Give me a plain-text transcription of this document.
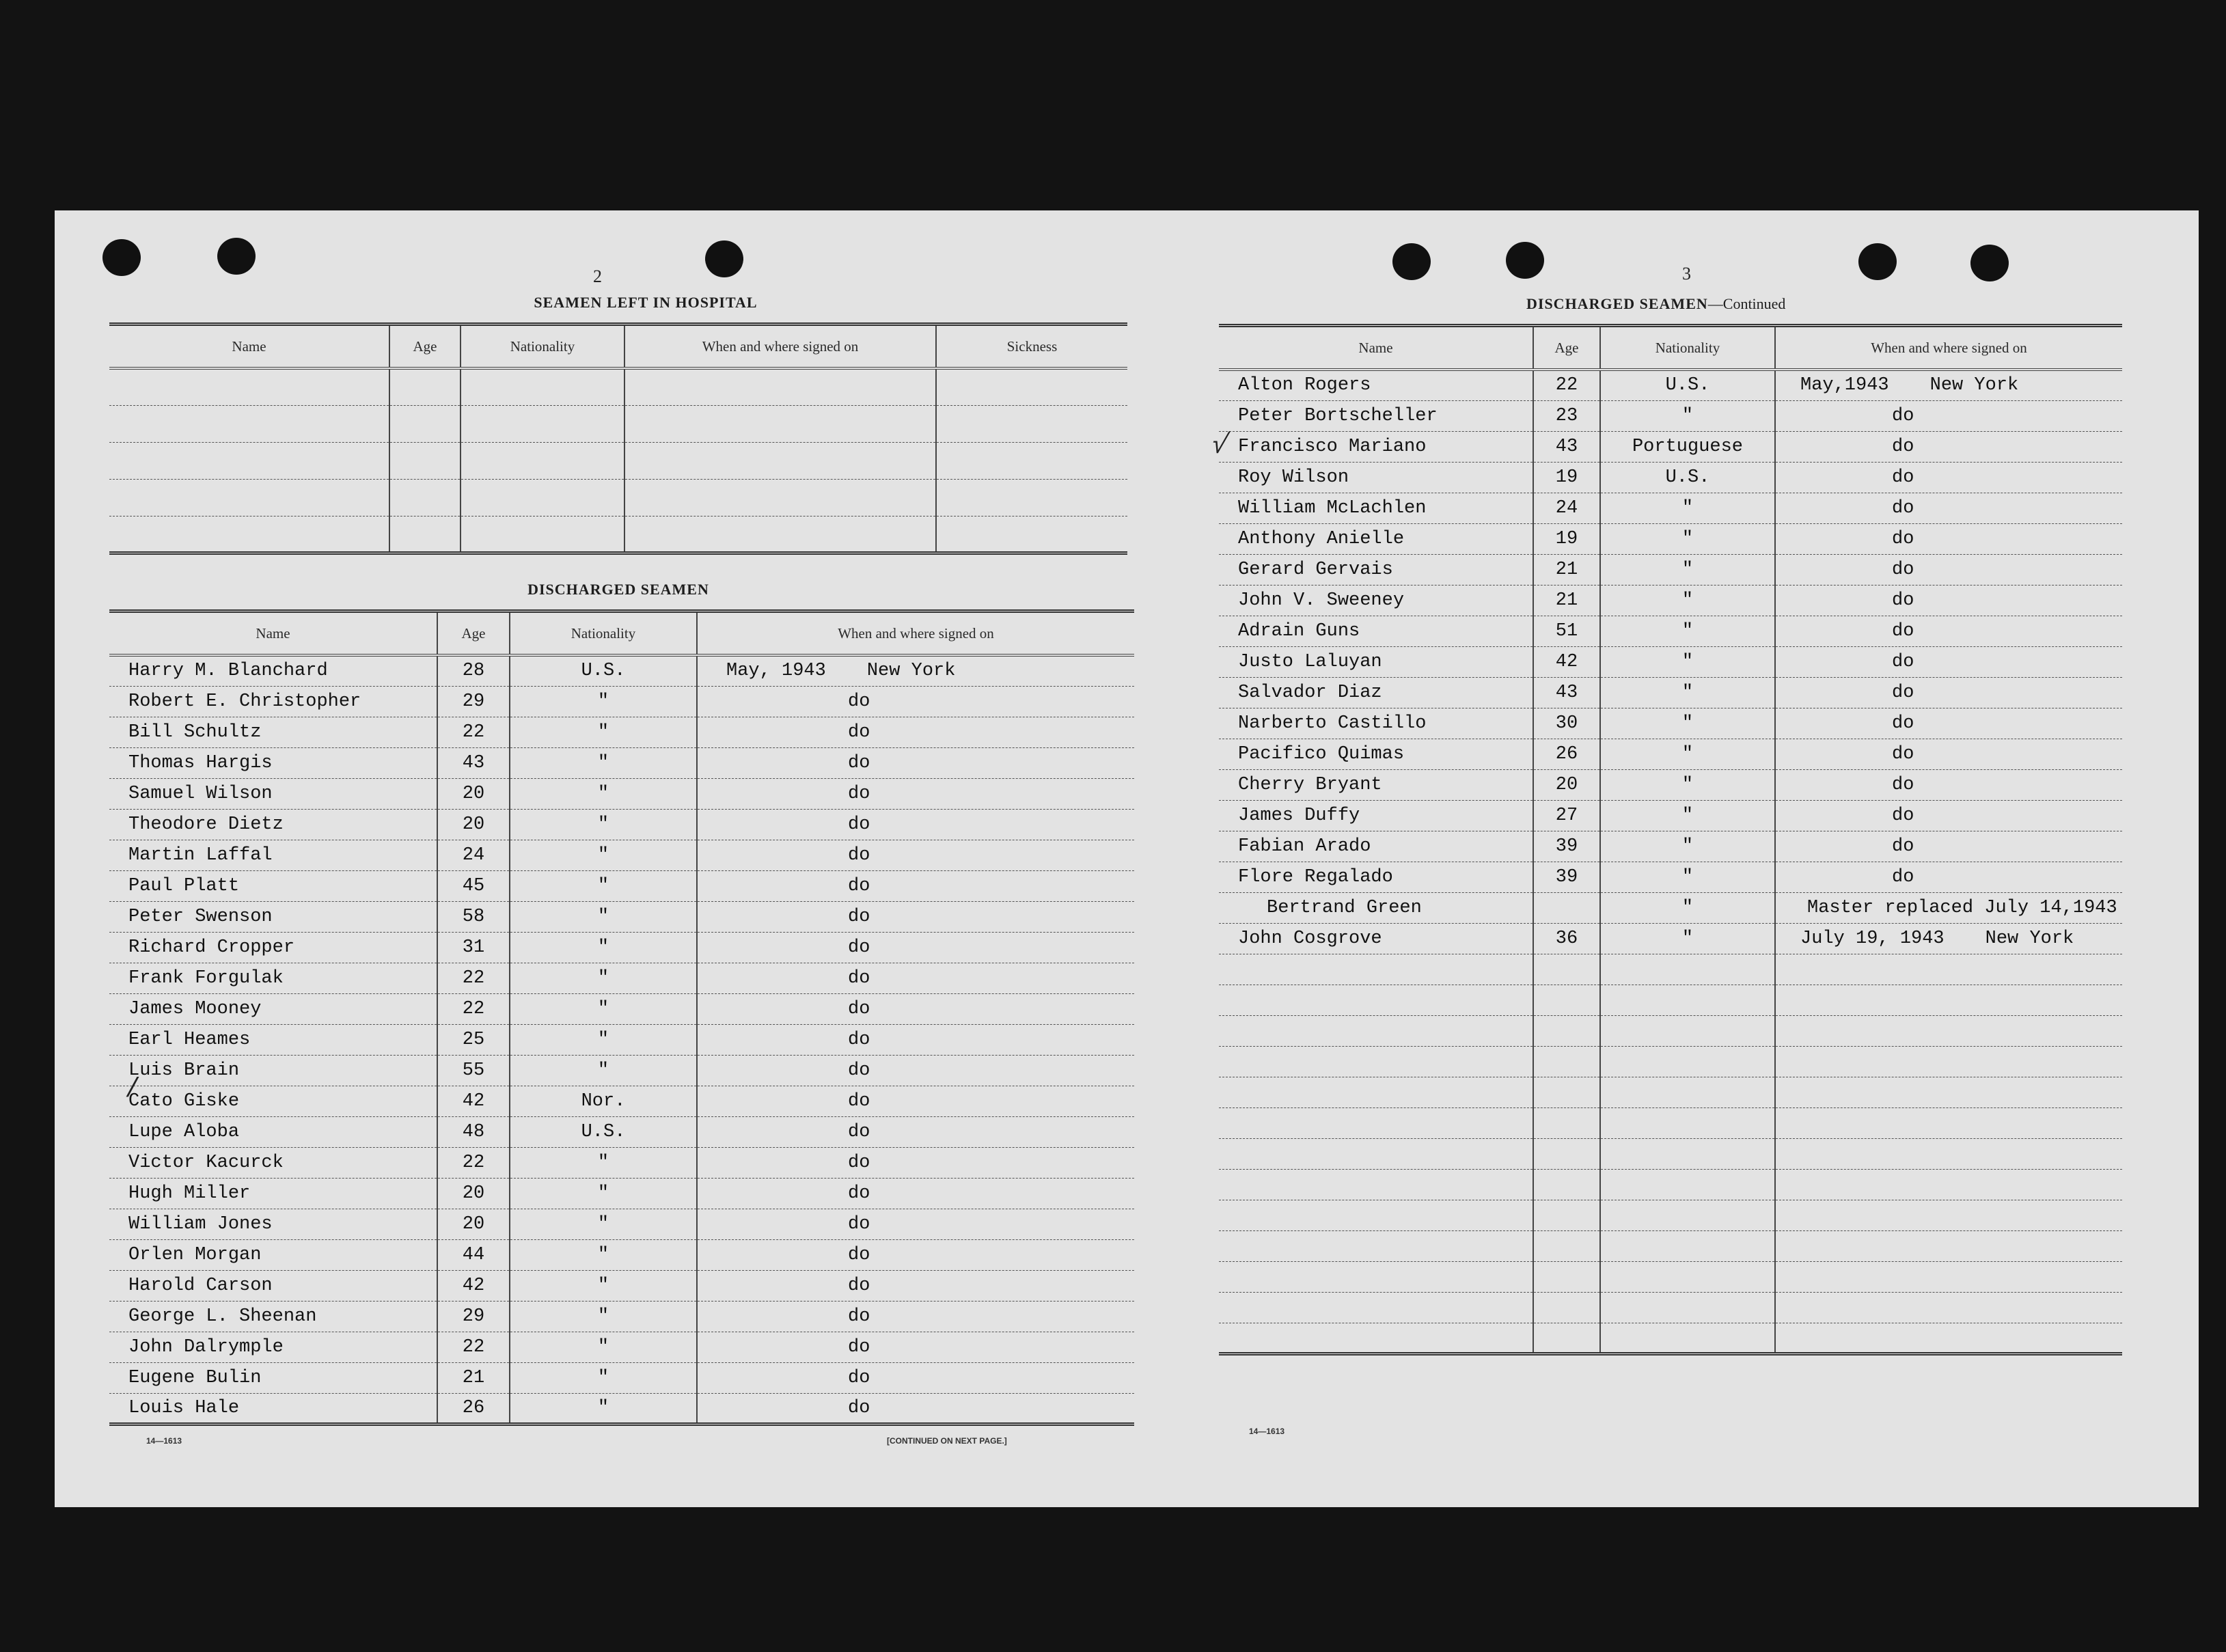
2
SEAMEN LEFT IN HOSPITAL
Name	Age	Nationality	When and where signed on	Sickness

DISCHARGED SEAMEN
Name	Age	Nationality	When and where signed on
Harry M. Blanchard	28	U.S.	May, 1943 New York
Robert E. Christopher	29	"	do
Bill Schultz	22	"	do
Thomas Hargis	43	"	do
Samuel Wilson	20	"	do
Theodore Dietz	20	"	do
Martin Laffal	24	"	do
Paul Platt	45	"	do
Peter Swenson	58	"	do
Richard Cropper	31	"	do
Frank Forgulak	22	"	do
James Mooney	22	"	do
Earl Heames	25	"	do
Luis Brain	55	"	do
Cato Giske	42	Nor.	do
Lupe Aloba	48	U.S.	do
Victor Kacurck	22	"	do
Hugh Miller	20	"	do
William Jones	20	"	do
Orlen Morgan	44	"	do
Harold Carson	42	"	do
George L. Sheenan	29	"	do
John Dalrymple	22	"	do
Eugene Bulin	21	"	do
Louis Hale	26	"	do
14—1613	[CONTINUED ON NEXT PAGE.]
/
3
DISCHARGED SEAMEN—Continued
Name	Age	Nationality	When and where signed on
Alton Rogers	22	U.S.	May,1943 New York
Peter Bortscheller	23	"	do
Francisco Mariano	43	Portuguese	do
Roy Wilson	19	U.S.	do
William McLachlen	24	"	do
Anthony Anielle	19	"	do
Gerard Gervais	21	"	do
John V. Sweeney	21	"	do
Adrain Guns	51	"	do
Justo Laluyan	42	"	do
Salvador Diaz	43	"	do
Narberto Castillo	30	"	do
Pacifico Quimas	26	"	do
Cherry Bryant	20	"	do
James Duffy	27	"	do
Fabian Arado	39	"	do
Flore Regalado	39	"	do
Bertrand Green		"	Master replaced July 14,1943
John Cosgrove	36	"	July 19, 1943 New York

14—1613
√
